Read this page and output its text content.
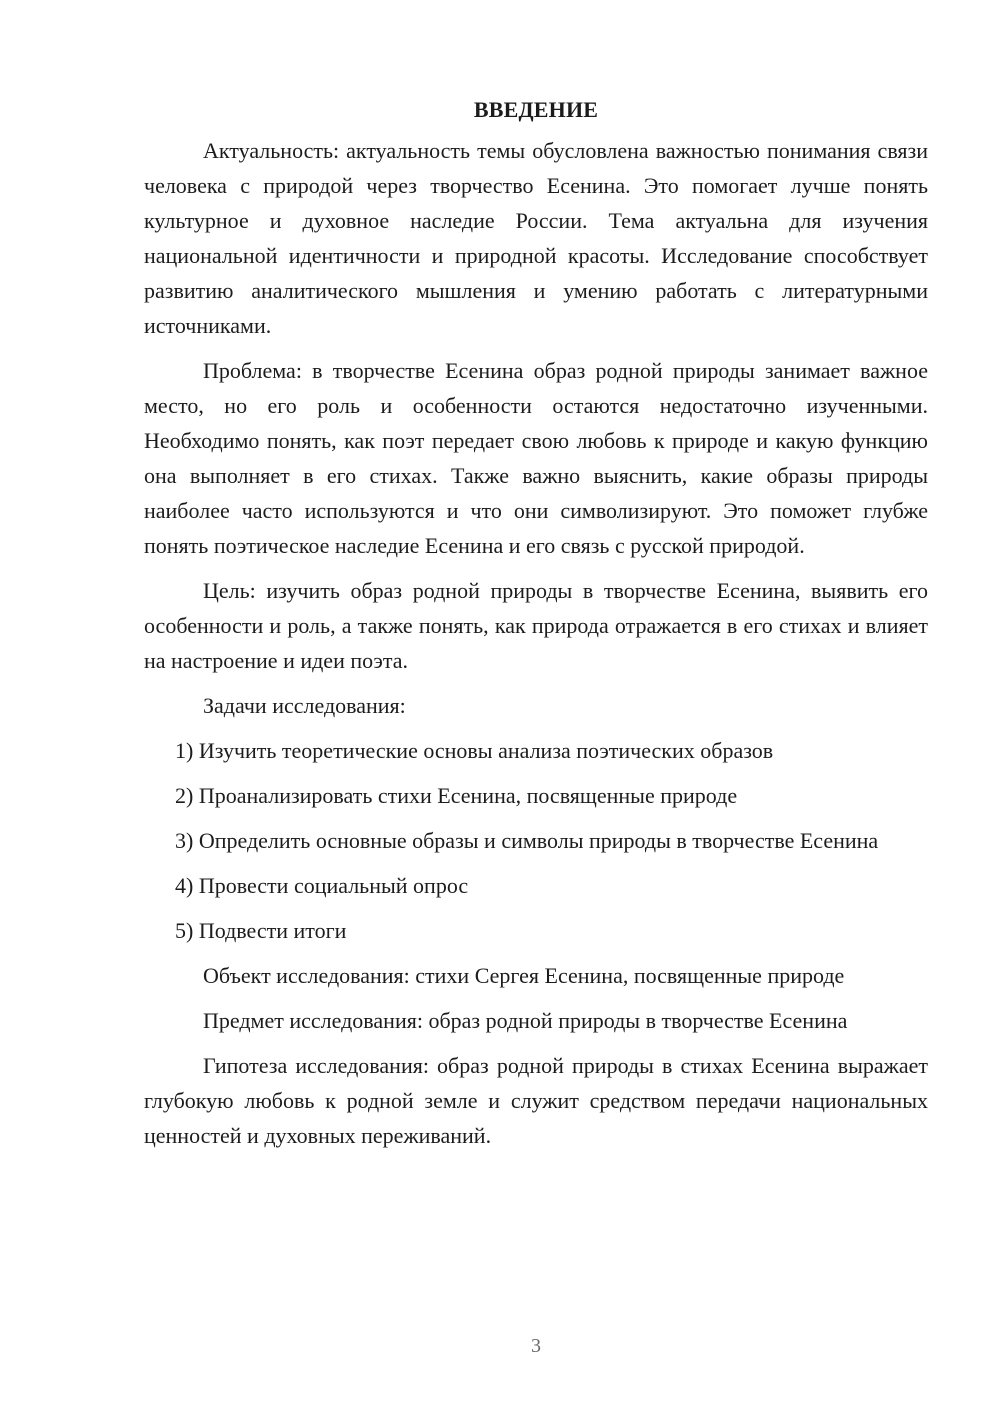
ВВЕДЕНИЕ

Актуальность: актуальность темы обусловлена важностью понимания связи человека с природой через творчество Есенина. Это помогает лучше понять культурное и духовное наследие России. Тема актуальна для изучения национальной идентичности и природной красоты. Исследование способствует развитию аналитического мышления и умению работать с литературными источниками.

Проблема: в творчестве Есенина образ родной природы занимает важное место, но его роль и особенности остаются недостаточно изученными. Необходимо понять, как поэт передает свою любовь к природе и какую функцию она выполняет в его стихах. Также важно выяснить, какие образы природы наиболее часто используются и что они символизируют. Это поможет глубже понять поэтическое наследие Есенина и его связь с русской природой.

Цель: изучить образ родной природы в творчестве Есенина, выявить его особенности и роль, а также понять, как природа отражается в его стихах и влияет на настроение и идеи поэта.

Задачи исследования:

1) Изучить теоретические основы анализа поэтических образов

2) Проанализировать стихи Есенина, посвященные природе

3) Определить основные образы и символы природы в творчестве Есенина

4) Провести социальный опрос

5) Подвести итоги

Объект исследования: стихи Сергея Есенина, посвященные природе

Предмет исследования: образ родной природы в творчестве Есенина

Гипотеза исследования: образ родной природы в стихах Есенина выражает глубокую любовь к родной земле и служит средством передачи национальных ценностей и духовных переживаний.

3
